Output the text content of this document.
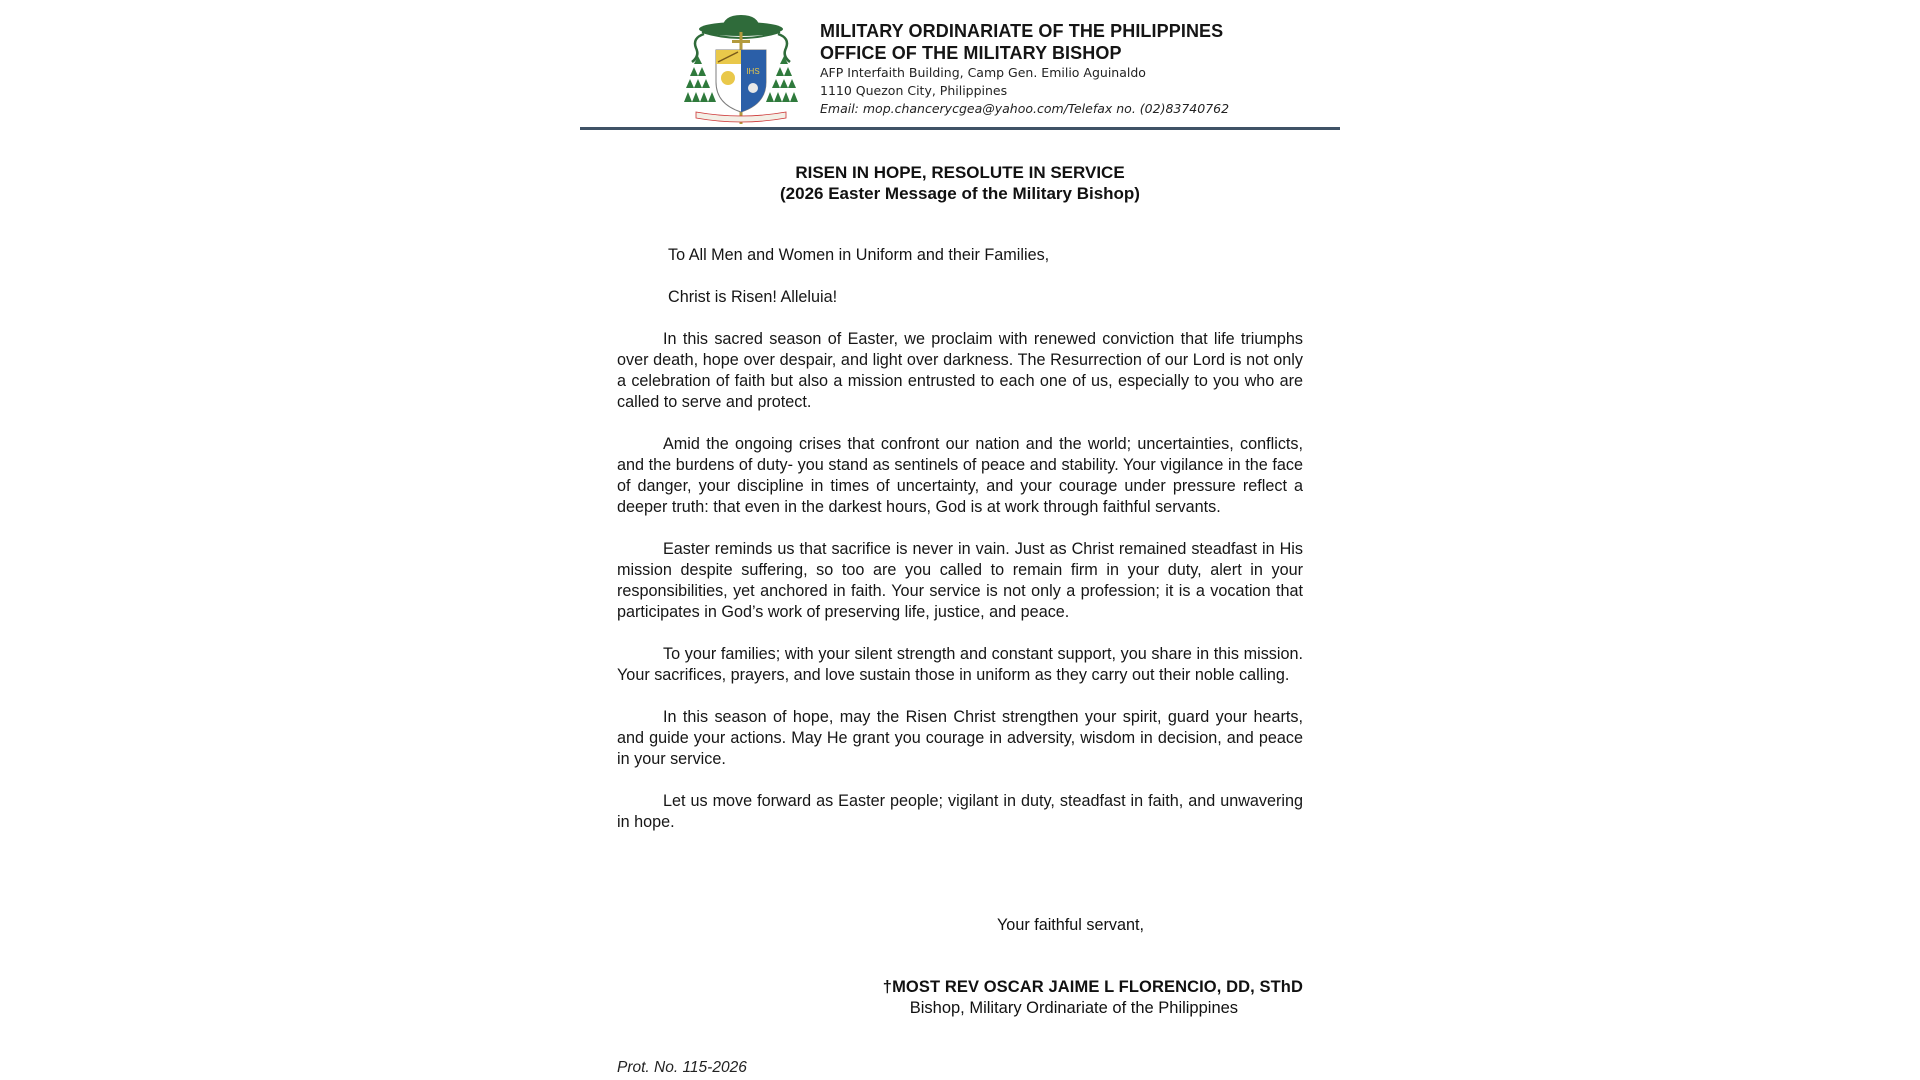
IHS
MILITARY ORDINARIATE OF THE PHILIPPINES
OFFICE OF THE MILITARY BISHOP
AFP Interfaith Building, Camp Gen. Emilio Aguinaldo
1110 Quezon City, Philippines
Email: mop.chancerycgea@yahoo.com/Telefax no. (02)83740762
RISEN IN HOPE, RESOLUTE IN SERVICE
(2026 Easter Message of the Military Bishop)

To All Men and Women in Uniform and their Families,

Christ is Risen! Alleluia!

In this sacred season of Easter, we proclaim with renewed conviction that life triumphs over death, hope over despair, and light over darkness. The Resurrection of our Lord is not only a celebration of faith but also a mission entrusted to each one of us, especially to you who are called to serve and protect.

Amid the ongoing crises that confront our nation and the world; uncertainties, conflicts, and the burdens of duty- you stand as sentinels of peace and stability. Your vigilance in the face of danger, your discipline in times of uncertainty, and your courage under pressure reflect a deeper truth: that even in the darkest hours, God is at work through faithful servants.

Easter reminds us that sacrifice is never in vain. Just as Christ remained steadfast in His mission despite suffering, so too are you called to remain firm in your duty, alert in your responsibilities, yet anchored in faith. Your service is not only a profession; it is a vocation that participates in God’s work of preserving life, justice, and peace.

To your families; with your silent strength and constant support, you share in this mission. Your sacrifices, prayers, and love sustain those in uniform as they carry out their noble calling.

In this season of hope, may the Risen Christ strengthen your spirit, guard your hearts, and guide your actions. May He grant you courage in adversity, wisdom in decision, and peace in your service.

Let us move forward as Easter people; vigilant in duty, steadfast in faith, and unwavering in hope.

Your faithful servant,
†MOST REV OSCAR JAIME L FLORENCIO, DD, SThD
Bishop, Military Ordinariate of the Philippines
Prot. No. 115-2026
